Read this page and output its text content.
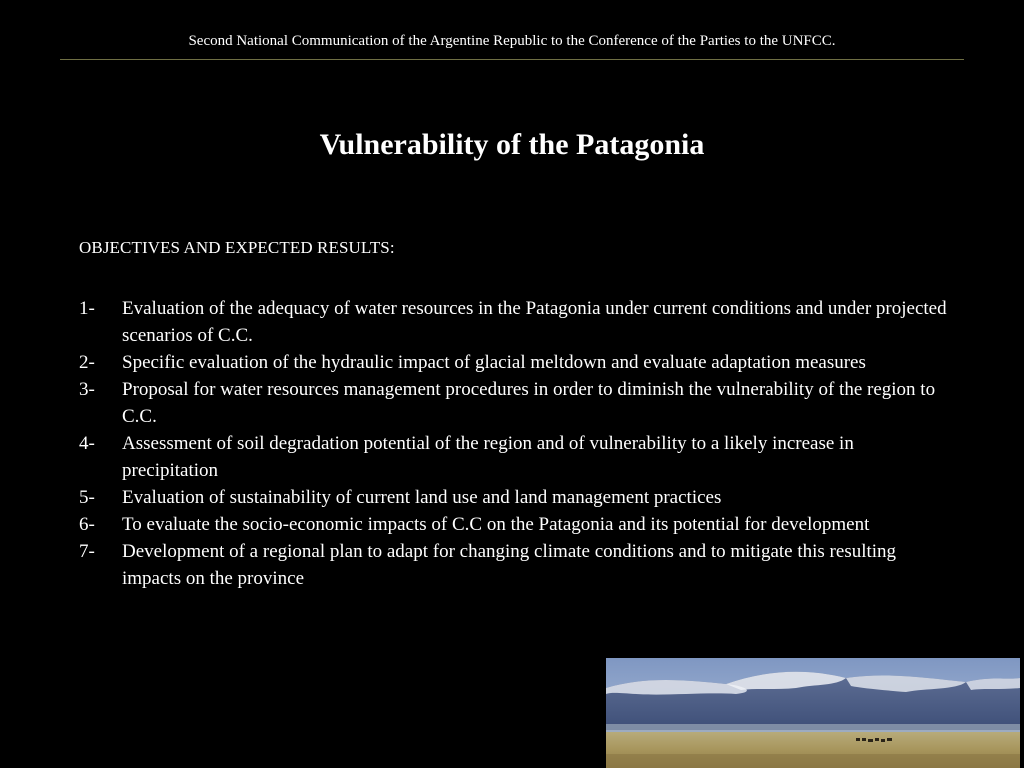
Second National Communication of the Argentine Republic to the Conference of the Parties to the UNFCC.
Vulnerability of the Patagonia
OBJECTIVES AND EXPECTED RESULTS:
1-	Evaluation of the adequacy of water resources in the Patagonia under current conditions and under projected scenarios of C.C.
2-	Specific evaluation of the hydraulic impact of glacial meltdown and evaluate adaptation measures
3-	Proposal for water resources management procedures in order to diminish the vulnerability of the region to C.C.
4-	Assessment of soil degradation potential of the region and of vulnerability to a likely increase in precipitation
5-	Evaluation of sustainability of current land use and land management practices
6-	To evaluate the socio-economic impacts of C.C on the Patagonia and its potential for development
7-	Development of a regional plan to adapt for changing climate conditions and to mitigate this resulting impacts on the province
